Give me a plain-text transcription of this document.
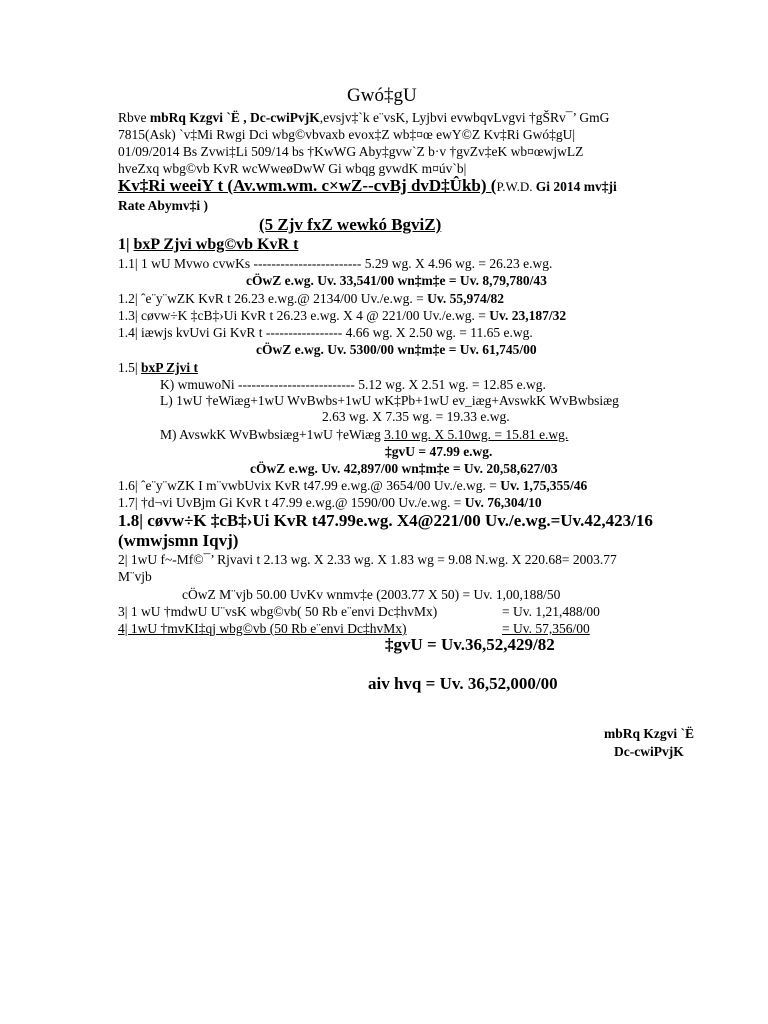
Gwó‡gU
Rbve mbRq Kzgvi `Ë , Dc-cwiPvjK,evsjv‡`k e¨vsK, Lyjbvi evwbqvLvgvi †gŠRv¯’ GmG
7815(Ask) `v‡Mi Rwgi Dci wbg©vbvaxb evox‡Z wb‡¤œ ewY©Z Kv‡Ri Gwó‡gU|
01/09/2014 Bs Zvwi‡Li 509/14 bs †KwWG Aby‡gvw`Z b·v †gvZv‡eK wb¤œwjwLZ
hveZxq wbg©vb KvR wcWweøDwW Gi wbqg gvwdK m¤úv`b|
Kv‡Ri weeiY t (Av.wm.wm. c×wZ--cvBj dvD‡Ûkb) (P.W.D. Gi 2014 mv‡ji
Rate Abymv‡i )
(5 Zjv fxZ wewkó BgviZ)
1| bxP Zjvi wbg©vb KvR t
1.1| 1 wU Mvwo cvwKs ------------------------ 5.29 wg. X 4.96 wg. = 26.23 e.wg.
cÖwZ e.wg. Uv. 33,541/00 wn‡m‡e = Uv. 8,79,780/43
1.2| ˆe¨y¨wZK KvR t 26.23 e.wg.@ 2134/00 Uv./e.wg. = Uv. 55,974/82
1.3| cøvw÷K ‡cB‡›Ui KvR t 26.23 e.wg. X 4 @ 221/00 Uv./e.wg. = Uv. 23,187/32
1.4| iæwjs kvUvi Gi KvR t ----------------- 4.66 wg. X 2.50 wg. = 11.65 e.wg.
cÖwZ e.wg. Uv. 5300/00 wn‡m‡e = Uv. 61,745/00
1.5| bxP Zjvi t
K) wmuwoNi -------------------------- 5.12 wg. X 2.51 wg. = 12.85 e.wg.
L) 1wU †eWiæg+1wU WvBwbs+1wU wK‡Pb+1wU ev_iæg+AvswkK WvBwbsiæg
2.63 wg. X 7.35 wg. = 19.33 e.wg.
M) AvswkK WvBwbsiæg+1wU †eWiæg 3.10 wg. X 5.10wg. = 15.81 e.wg.
‡gvU = 47.99 e.wg.
cÖwZ e.wg. Uv. 42,897/00 wn‡m‡e = Uv. 20,58,627/03
1.6| ˆe¨y¨wZK I m¨vwbUvix KvR t47.99 e.wg.@ 3654/00 Uv./e.wg. = Uv. 1,75,355/46
1.7| †d¬vi UvBjm Gi KvR t 47.99 e.wg.@ 1590/00 Uv./e.wg. = Uv. 76,304/10
1.8| cøvw÷K ‡cB‡›Ui KvR t47.99e.wg. X4@221/00 Uv./e.wg.=Uv.42,423/16
(wmwjsmn Iqvj)
2| 1wU f~-Mf©¯’ Rjvavi t 2.13 wg. X 2.33 wg. X 1.83 wg = 9.08 N.wg. X 220.68= 2003.77
M¨vjb
cÖwZ M¨vjb 50.00 UvKv wnmv‡e (2003.77 X 50) = Uv. 1,00,188/50
3| 1 wU †mdwU U¨vsK wbg©vb( 50 Rb e¨envi Dc‡hvMx)	= Uv. 1,21,488/00
4| 1wU †mvKI‡qj wbg©vb (50 Rb e¨envi Dc‡hvMx)	= Uv. 57,356/00
‡gvU = Uv.36,52,429/82
aiv hvq = Uv. 36,52,000/00
mbRq Kzgvi `Ë
Dc-cwiPvjK
